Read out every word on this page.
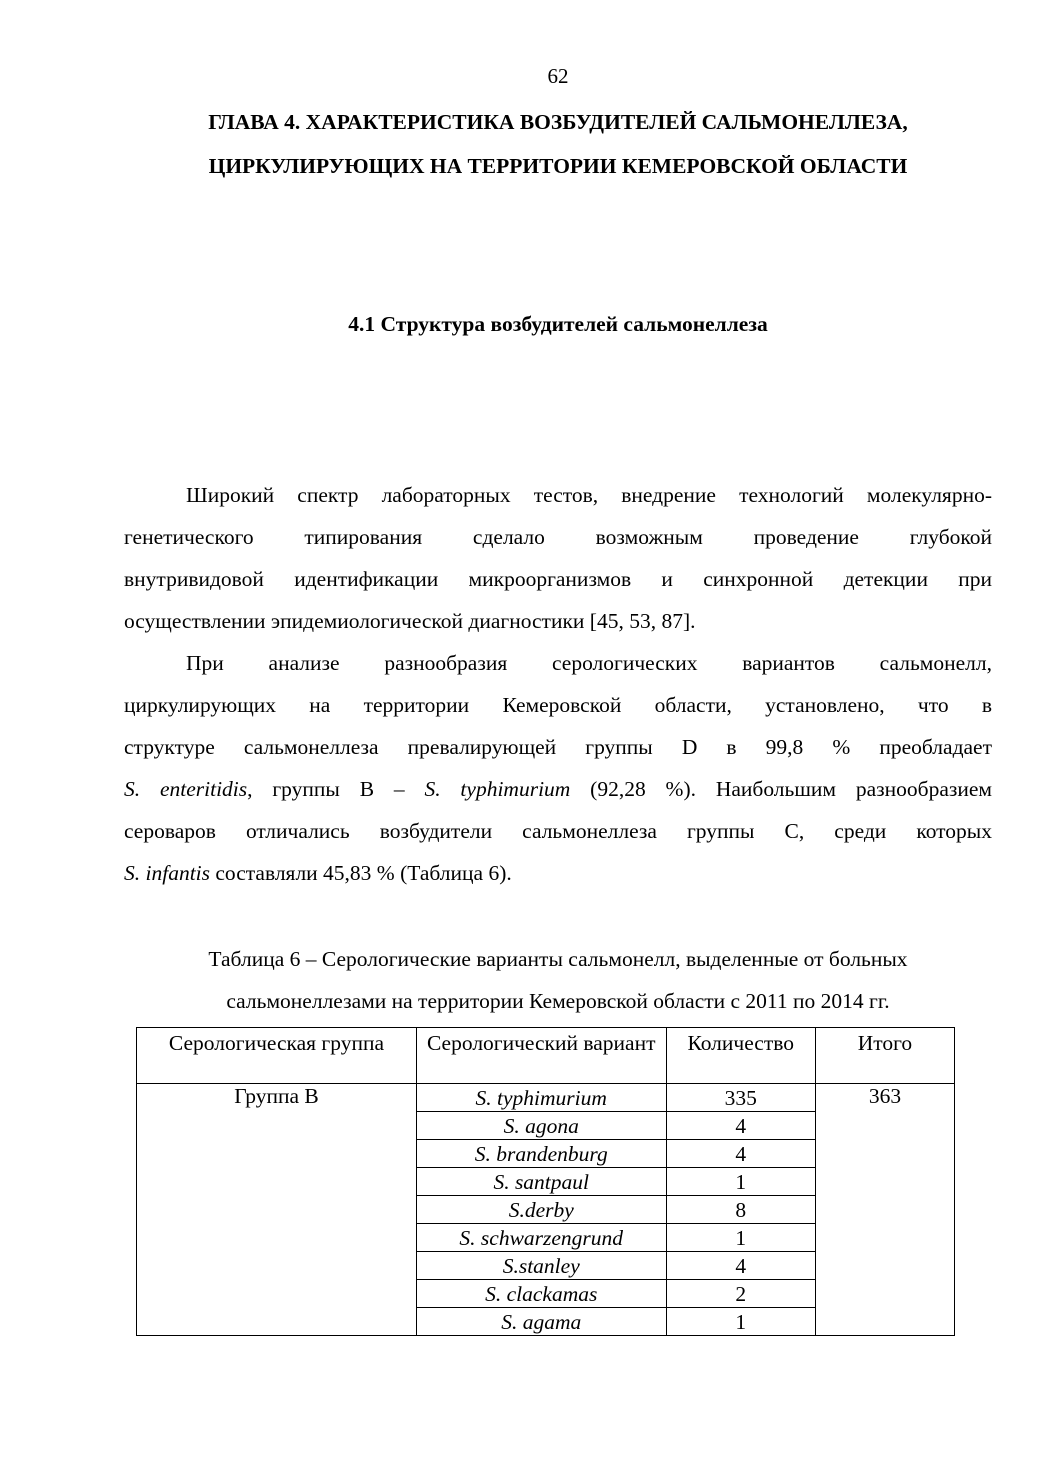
62
ГЛАВА 4. ХАРАКТЕРИСТИКА ВОЗБУДИТЕЛЕЙ САЛЬМОНЕЛЛЕЗА,
ЦИРКУЛИРУЮЩИХ НА ТЕРРИТОРИИ КЕМЕРОВСКОЙ ОБЛАСТИ
4.1 Структура возбудителей сальмонеллеза
Широкий спектр лабораторных тестов, внедрение технологий молекулярно-
генетического типирования сделало возможным проведение глубокой
внутривидовой идентификации микроорганизмов и синхронной детекции при
осуществлении эпидемиологической диагностики [45, 53, 87].
При анализе разнообразия серологических вариантов сальмонелл,
циркулирующих на территории Кемеровской области, установлено, что в
структуре сальмонеллеза превалирующей группы D в 99,8 % преобладает
S. enteritidis, группы В – S. typhimurium (92,28 %). Наибольшим разнообразием
сероваров отличались возбудители сальмонеллеза группы С, среди которых
S. infantis составляли 45,83 % (Таблица 6).
Таблица 6 – Серологические варианты сальмонелл, выделенные от больных
сальмонеллезами на территории Кемеровской области с 2011 по 2014 гг.
Серологическая группа	Серологический вариант	Количество	Итого
Группа В	S. typhimurium	335	363
	S. agona	4	
	S. brandenburg	4	
	S. santpaul	1	
	S.derby	8	
	S. schwarzengrund	1	
	S.stanley	4	
	S. clackamas	2	
	S. agama	1	
